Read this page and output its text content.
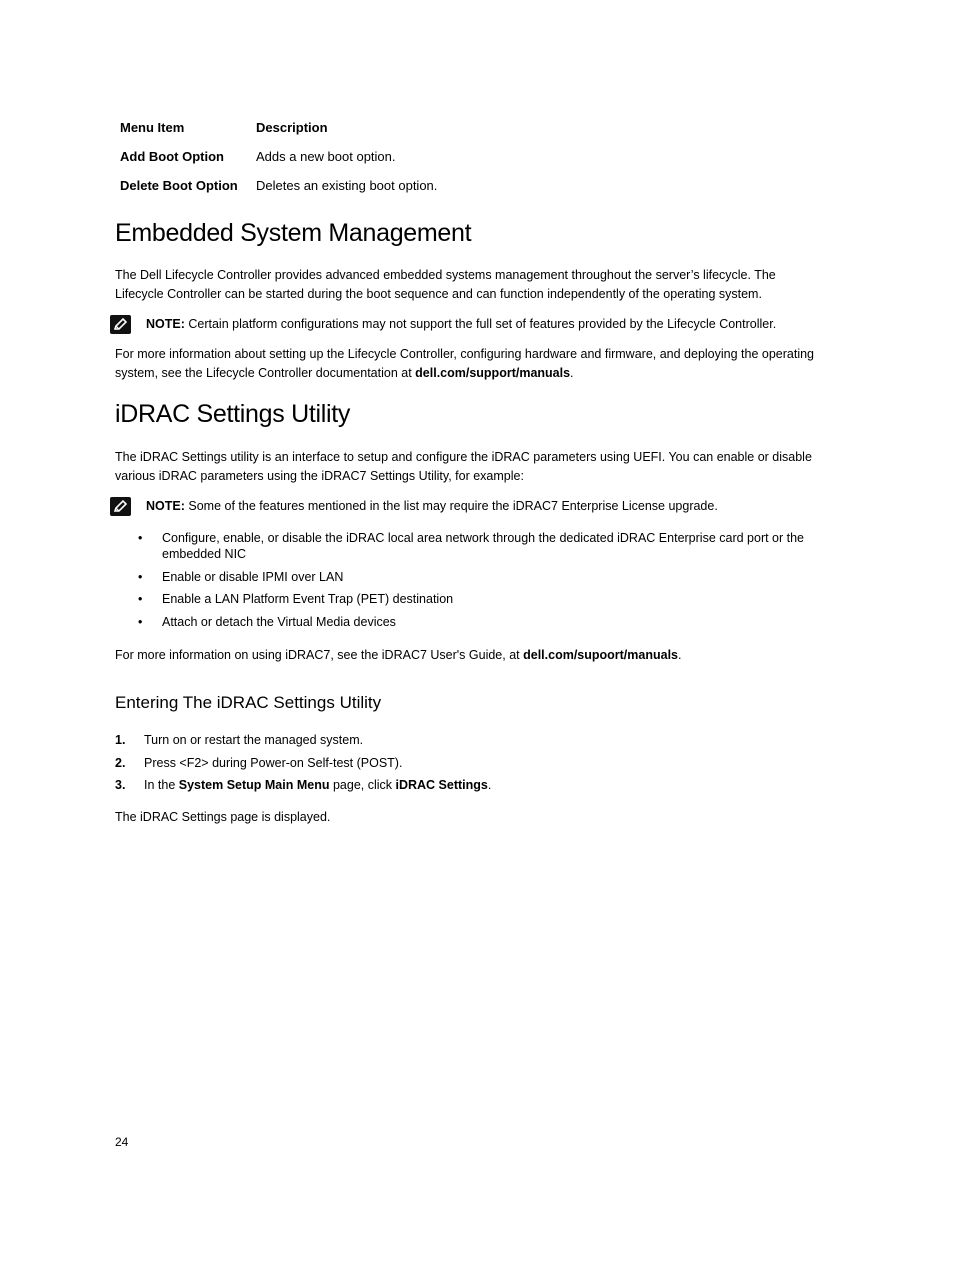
Menu Item	Description
Add Boot Option	Adds a new boot option.
Delete Boot Option	Deletes an existing boot option.
Embedded System Management

The Dell Lifecycle Controller provides advanced embedded systems management throughout the server’s lifecycle. The Lifecycle Controller can be started during the boot sequence and can function independently of the operating system.

NOTE: Certain platform configurations may not support the full set of features provided by the Lifecycle Controller.

For more information about setting up the Lifecycle Controller, configuring hardware and firmware, and deploying the operating system, see the Lifecycle Controller documentation at dell.com/support/manuals.

iDRAC Settings Utility

The iDRAC Settings utility is an interface to setup and configure the iDRAC parameters using UEFI. You can enable or disable various iDRAC parameters using the iDRAC7 Settings Utility, for example:

NOTE: Some of the features mentioned in the list may require the iDRAC7 Enterprise License upgrade.
• Configure, enable, or disable the iDRAC local area network through the dedicated iDRAC Enterprise card port or the embedded NIC
• Enable or disable IPMI over LAN
• Enable a LAN Platform Event Trap (PET) destination
• Attach or detach the Virtual Media devices

For more information on using iDRAC7, see the iDRAC7 User's Guide, at dell.com/supoort/manuals.

Entering The iDRAC Settings Utility
1. Turn on or restart the managed system.
2. Press <F2> during Power-on Self-test (POST).
3. In the System Setup Main Menu page, click iDRAC Settings.

The iDRAC Settings page is displayed.

24
